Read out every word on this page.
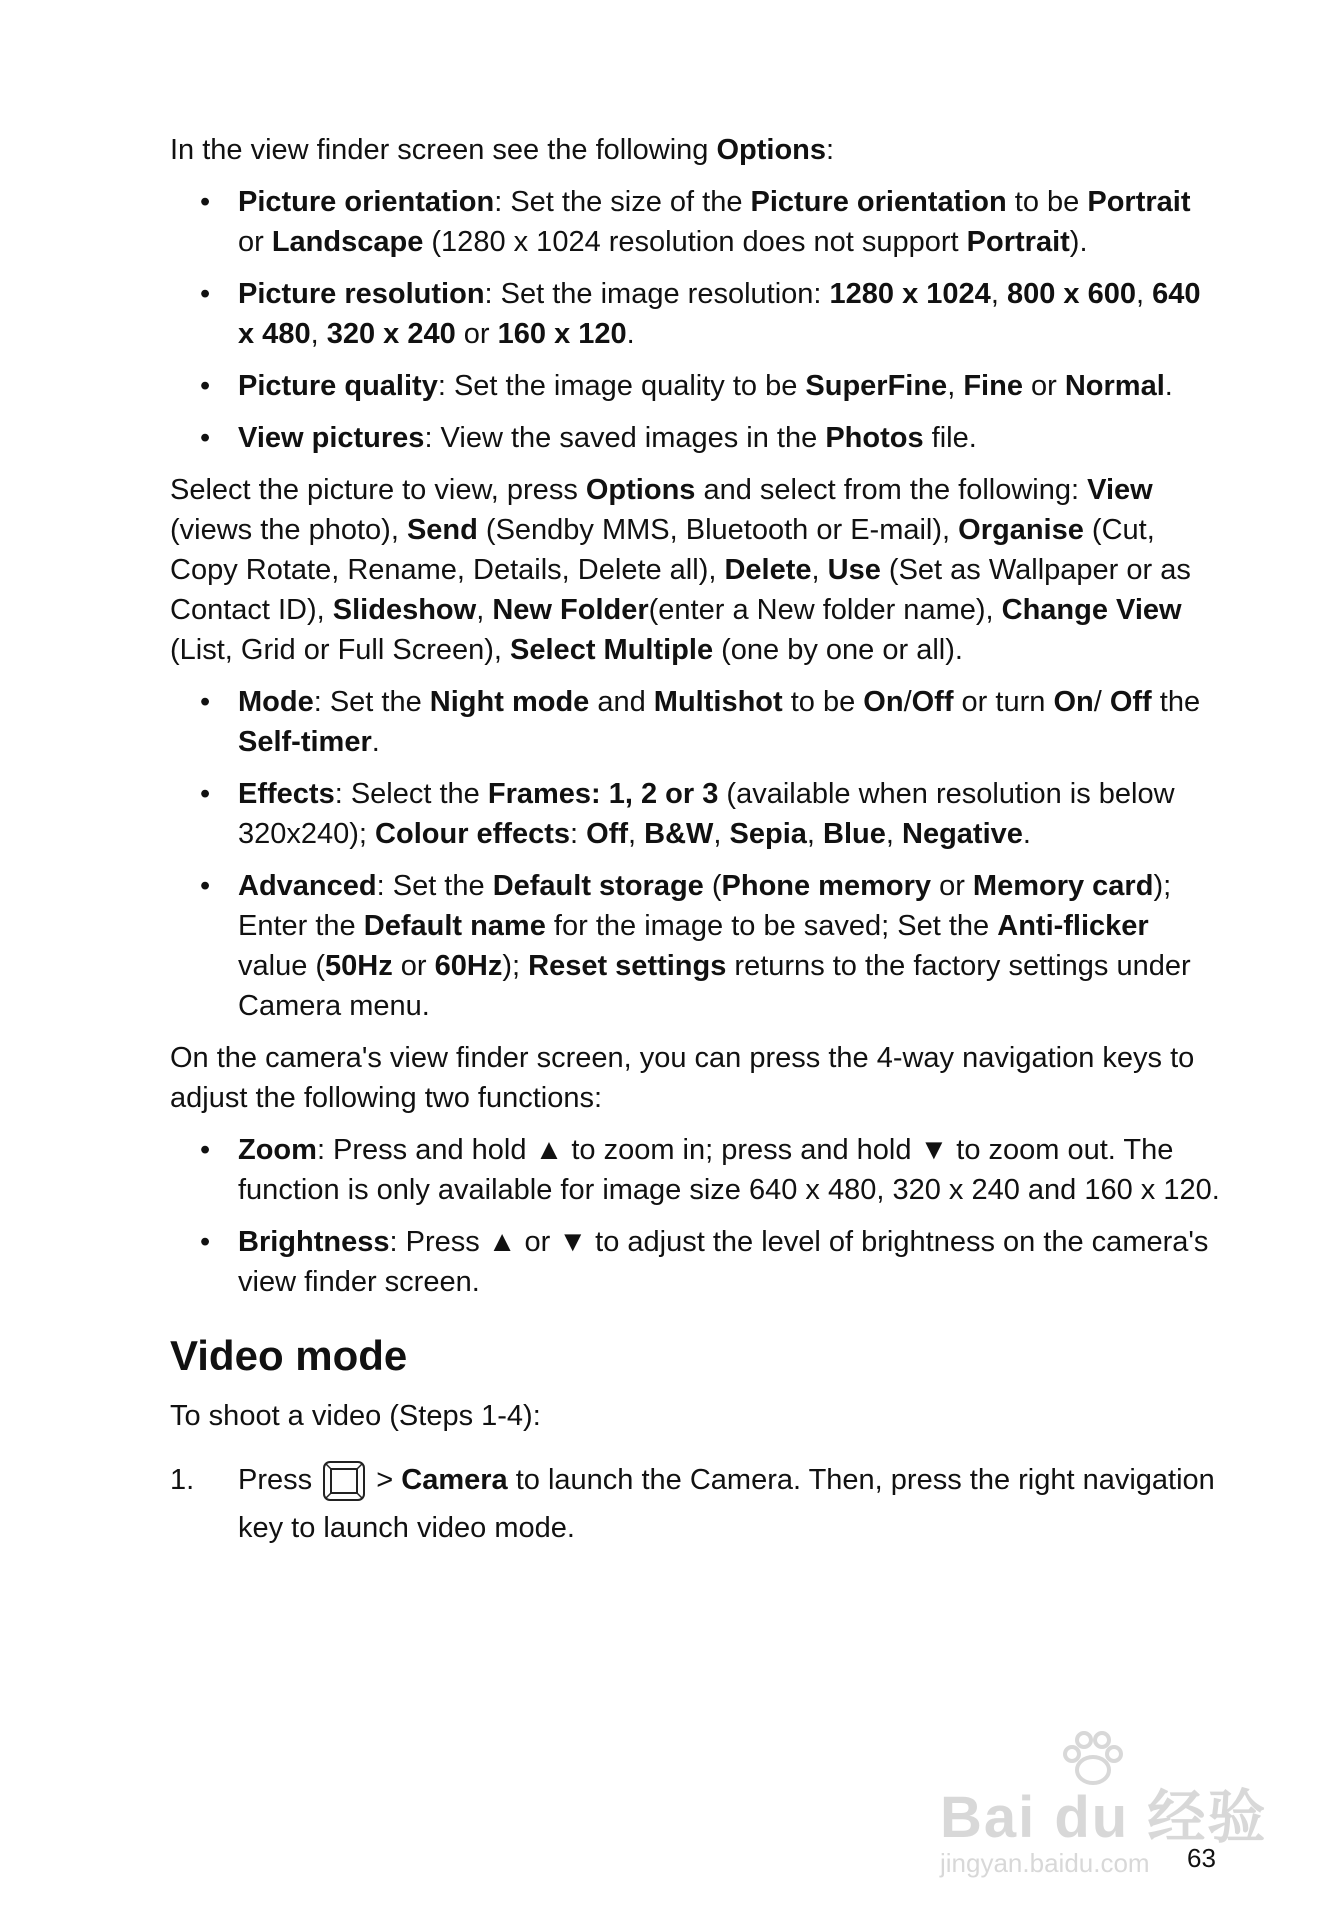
In the view finder screen see the following Options:

• Picture orientation: Set the size of the Picture orientation to be Portrait or Landscape (1280 x 1024 resolution does not support Portrait).
• Picture resolution: Set the image resolution: 1280 x 1024, 800 x 600, 640 x 480, 320 x 240 or 160 x 120.
• Picture quality: Set the image quality to be SuperFine, Fine or Normal.
• View pictures: View the saved images in the Photos file.

Select the picture to view, press Options and select from the following: View (views the photo), Send (Sendby MMS, Bluetooth or E-mail), Organise (Cut, Copy Rotate, Rename, Details, Delete all), Delete, Use (Set as Wallpaper or as Contact ID), Slideshow, New Folder(enter a New folder name), Change View (List, Grid or Full Screen), Select Multiple (one by one or all).

• Mode: Set the Night mode and Multishot to be On/Off or turn On/ Off the Self-timer.
• Effects: Select the Frames: 1, 2 or 3 (available when resolution is below 320x240); Colour effects: Off, B&W, Sepia, Blue, Negative.
• Advanced: Set the Default storage (Phone memory or Memory card); Enter the Default name for the image to be saved; Set the Anti-flicker value (50Hz or 60Hz); Reset settings returns to the factory settings under Camera menu.

On the camera's view finder screen, you can press the 4-way navigation keys to adjust the following two functions:

• Zoom: Press and hold ▲ to zoom in; press and hold ▼ to zoom out. The function is only available for image size 640 x 480, 320 x 240 and 160 x 120.
• Brightness: Press ▲ or ▼ to adjust the level of brightness on the camera's view finder screen.
Video mode

To shoot a video (Steps 1-4):

1. Press  > Camera to launch the Camera. Then, press the right navigation key to launch video mode.
Bai du 经验
jingyan.baidu.com 63
